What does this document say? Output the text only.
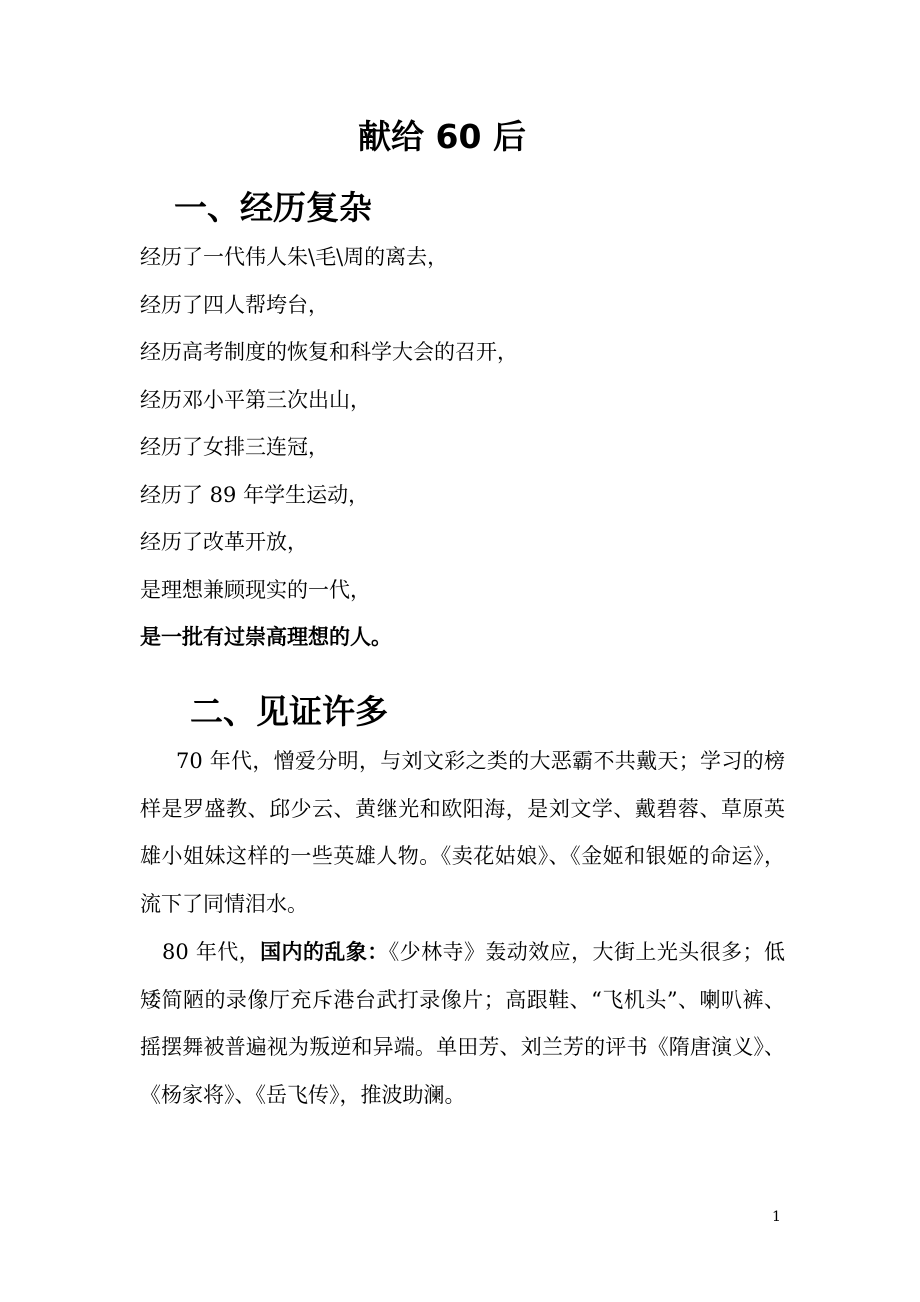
献给 60 后
一、经历复杂
经历了一代伟人朱\毛\周的离去，
经历了四人帮垮台，
经历高考制度的恢复和科学大会的召开，
经历邓小平第三次出山，
经历了女排三连冠，
经历了 89 年学生运动，
经历了改革开放，
是理想兼顾现实的一代，
是一批有过崇高理想的人。
二、见证许多

70 年代，憎爱分明，与刘文彩之类的大恶霸不共戴天；学习的榜样是罗盛教、邱少云、黄继光和欧阳海，是刘文学、戴碧蓉、草原英雄小姐妹这样的一些英雄人物。《卖花姑娘》、《金姬和银姬的命运》，流下了同情泪水。

80 年代，国内的乱象：《少林寺》轰动效应，大街上光头很多；低矮简陋的录像厅充斥港台武打录像片；高跟鞋、“飞机头”、喇叭裤、摇摆舞被普遍视为叛逆和异端。单田芳、刘兰芳的评书《隋唐演义》、《杨家将》、《岳飞传》，推波助澜。

1
